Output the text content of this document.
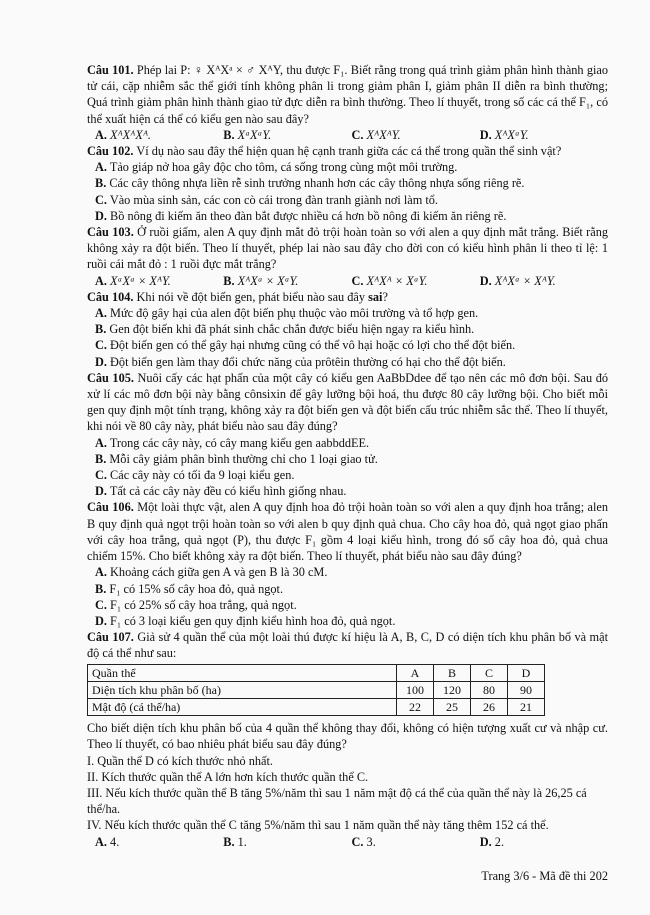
Câu 101. Phép lai P: ♀ XᴬXᵃ × ♂ XᴬY, thu được F₁. Biết rằng trong quá trình giảm phân hình thành giao tử cái, cặp nhiễm sắc thể giới tính không phân li trong giảm phân I, giảm phân II diễn ra bình thường; Quá trình giảm phân hình thành giao tử đực diễn ra bình thường. Theo lí thuyết, trong số các cá thể F₁, có thể xuất hiện cá thể có kiểu gen nào sau đây?
A. XᴬXᴬXᴬ.	B. XᵃXᵃY.	C. XᴬXᴬY.	D. XᴬXᵃY.
Câu 102. Ví dụ nào sau đây thể hiện quan hệ cạnh tranh giữa các cá thể trong quần thể sinh vật?
A. Tảo giáp nở hoa gây độc cho tôm, cá sống trong cùng một môi trường.
B. Các cây thông nhựa liền rễ sinh trưởng nhanh hơn các cây thông nhựa sống riêng rẽ.
C. Vào mùa sinh sản, các con cò cái trong đàn tranh giành nơi làm tổ.
D. Bồ nông đi kiếm ăn theo đàn bắt được nhiều cá hơn bồ nông đi kiếm ăn riêng rẽ.
Câu 103. Ở ruồi giấm, alen A quy định mắt đỏ trội hoàn toàn so với alen a quy định mắt trắng. Biết rằng không xảy ra đột biến. Theo lí thuyết, phép lai nào sau đây cho đời con có kiểu hình phân li theo tỉ lệ: 1 ruồi cái mắt đỏ : 1 ruồi đực mắt trắng?
A. XᵃXᵃ × XᴬY.	B. XᴬXᵃ × XᵃY.	C. XᴬXᴬ × XᵃY.	D. XᴬXᵃ × XᴬY.
Câu 104. Khi nói về đột biến gen, phát biểu nào sau đây sai?
A. Mức độ gây hại của alen đột biến phụ thuộc vào môi trường và tổ hợp gen.
B. Gen đột biến khi đã phát sinh chắc chắn được biểu hiện ngay ra kiểu hình.
C. Đột biến gen có thể gây hại nhưng cũng có thể vô hại hoặc có lợi cho thể đột biến.
D. Đột biến gen làm thay đổi chức năng của prôtêin thường có hại cho thể đột biến.
Câu 105. Nuôi cấy các hạt phấn của một cây có kiểu gen AaBbDdee để tạo nên các mô đơn bội. Sau đó xử lí các mô đơn bội này bằng cônsixin để gây lưỡng bội hoá, thu được 80 cây lưỡng bội. Cho biết mỗi gen quy định một tính trạng, không xảy ra đột biến gen và đột biến cấu trúc nhiễm sắc thể. Theo lí thuyết, khi nói về 80 cây này, phát biểu nào sau đây đúng?
A. Trong các cây này, có cây mang kiểu gen aabbddEE.
B. Mỗi cây giảm phân bình thường chỉ cho 1 loại giao tử.
C. Các cây này có tối đa 9 loại kiểu gen.
D. Tất cả các cây này đều có kiểu hình giống nhau.
Câu 106. Một loài thực vật, alen A quy định hoa đỏ trội hoàn toàn so với alen a quy định hoa trắng; alen B quy định quả ngọt trội hoàn toàn so với alen b quy định quả chua. Cho cây hoa đỏ, quả ngọt giao phấn với cây hoa trắng, quả ngọt (P), thu được F₁ gồm 4 loại kiểu hình, trong đó số cây hoa đỏ, quả chua chiếm 15%. Cho biết không xảy ra đột biến. Theo lí thuyết, phát biểu nào sau đây đúng?
A. Khoảng cách giữa gen A và gen B là 30 cM.
B. F₁ có 15% số cây hoa đỏ, quả ngọt.
C. F₁ có 25% số cây hoa trắng, quả ngọt.
D. F₁ có 3 loại kiểu gen quy định kiểu hình hoa đỏ, quả ngọt.
Câu 107. Giả sử 4 quần thể của một loài thú được kí hiệu là A, B, C, D có diện tích khu phân bố và mật độ cá thể như sau:
Quần thể	A	B	C	D
Diện tích khu phân bố (ha)	100	120	80	90
Mật độ (cá thể/ha)	22	25	26	21
Cho biết diện tích khu phân bố của 4 quần thể không thay đổi, không có hiện tượng xuất cư và nhập cư. Theo lí thuyết, có bao nhiêu phát biểu sau đây đúng?
I. Quần thể D có kích thước nhỏ nhất.
II. Kích thước quần thể A lớn hơn kích thước quần thể C.
III. Nếu kích thước quần thể B tăng 5%/năm thì sau 1 năm mật độ cá thể của quần thể này là 26,25 cá thể/ha.
IV. Nếu kích thước quần thể C tăng 5%/năm thì sau 1 năm quần thể này tăng thêm 152 cá thể.
A. 4.	B. 1.	C. 3.	D. 2.
Trang 3/6 - Mã đề thi 202
